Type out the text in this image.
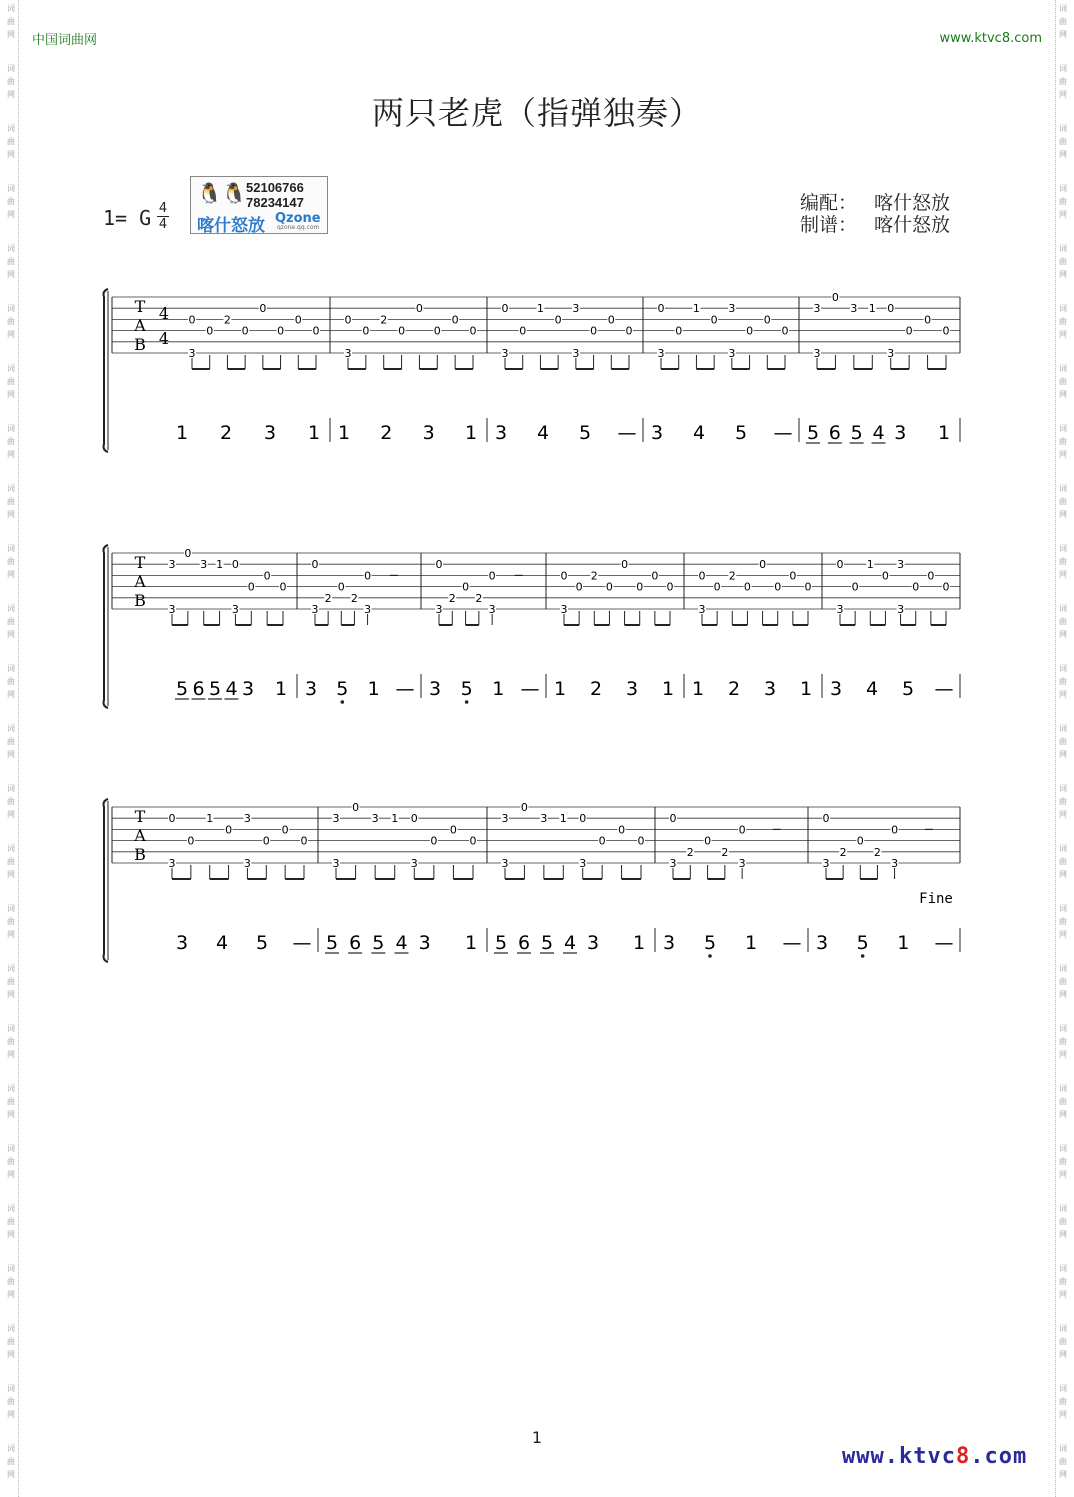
词
曲
网
词
曲
网
词
曲
网
词
曲
网
词
曲
网
词
曲
网
词
曲
网
词
曲
网
词
曲
网
词
曲
网
词
曲
网
词
曲
网
词
曲
网
词
曲
网
词
曲
网
词
曲
网
词
曲
网
词
曲
网
词
曲
网
词
曲
网
词
曲
网
词
曲
网
词
曲
网
词
曲
网
词
曲
网
词
曲
网
词
曲
网
词
曲
网
词
曲
网
词
曲
网
词
曲
网
词
曲
网
词
曲
网
词
曲
网
词
曲
网
词
曲
网
词
曲
网
词
曲
网
词
曲
网
词
曲
网
词
曲
网
词
曲
网
词
曲
网
词
曲
网
词
曲
网
词
曲
网
词
曲
网
词
曲
网
词
曲
网
词
曲
网
中国词曲网	www.ktvc8.com
两只老虎（指弹独奏）
1= G 4
4
🐧🐧 52106766
78234147
喀什怒放 Qzone
qzone.qq.com
编配： 喀什怒放
制谱： 喀什怒放
T
A
B
4
4
3
0
0
2
0
0
0
0
0
1 2 3 1
3
0
0
2
0
0
0
0
0
1 2 3 1
3
0
0
1
0
3
3
0
0
0
3 4 5 —
3
0
0
1
0
3
3
0
0
0
3 4 5 —
3
3
0
3 1 0
3
0
0
0
5 6 5 4 3 1
T
A
B 3
3
0
3 1 0
3
0
0
0
5 6 5 4 3 1
3
0
2
0
2
3
0
3 5 1 —
3
0
2
0
2
3
0
3 5 1 —
3
0
0
2
0
0
0
0
0
1 2 3 1
3
0
0
2
0
0
0
0
0
1 2 3 1
3
0
0
1
0
3
3
0
0
0
3 4 5 —
T
A
B 3
0
0
1
0
3
3
0
0
0
3 4 5 —
3
3
0
3 1 0
3
0
0
0
5 6 5 4 3 1
3
3
0
3 1 0
3
0
0
0
5 6 5 4 3 1
3
0
2
0
2
3
0
3 5 1 —
3
0
2
0
2
3
0
3 5 1 —
Fine
1
www.ktvc8.com
